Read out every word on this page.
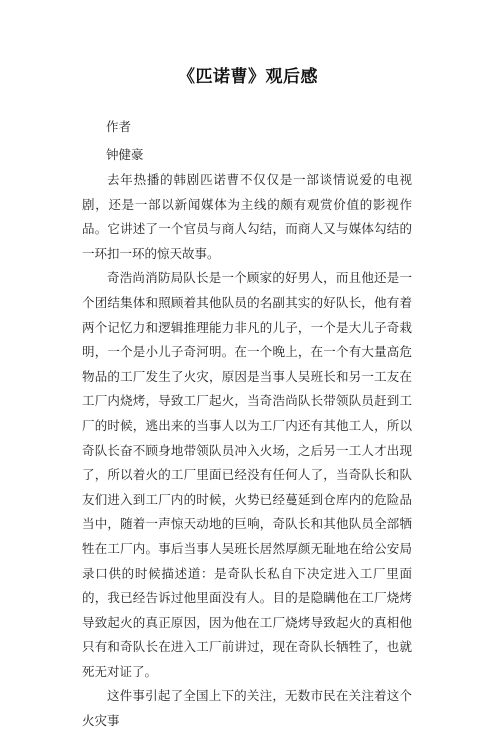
《匹诺曹》观后感
作者
钟健豪

去年热播的韩剧匹诺曹不仅仅是一部谈情说爱的电视剧，还是一部以新闻媒体为主线的颇有观赏价值的影视作品。它讲述了一个官员与商人勾结，而商人又与媒体勾结的一环扣一环的惊天故事。

奇浩尚消防局队长是一个顾家的好男人，而且他还是一个团结集体和照顾着其他队员的名副其实的好队长，他有着两个记忆力和逻辑推理能力非凡的儿子，一个是大儿子奇栽明，一个是小儿子奇河明。在一个晚上，在一个有大量高危物品的工厂发生了火灾，原因是当事人吴班长和另一工友在工厂内烧烤，导致工厂起火，当奇浩尚队长带领队员赶到工厂的时候，逃出来的当事人以为工厂内还有其他工人，所以奇队长奋不顾身地带领队员冲入火场，之后另一工人才出现了，所以着火的工厂里面已经没有任何人了，当奇队长和队友们进入到工厂内的时候，火势已经蔓延到仓库内的危险品当中，随着一声惊天动地的巨响，奇队长和其他队员全部牺牲在工厂内。事后当事人吴班长居然厚颜无耻地在给公安局录口供的时候描述道：是奇队长私自下决定进入工厂里面的，我已经告诉过他里面没有人。目的是隐瞒他在工厂烧烤导致起火的真正原因，因为他在工厂烧烤导致起火的真相他只有和奇队长在进入工厂前讲过，现在奇队长牺牲了，也就死无对证了。

这件事引起了全国上下的关注，无数市民在关注着这个火灾事
